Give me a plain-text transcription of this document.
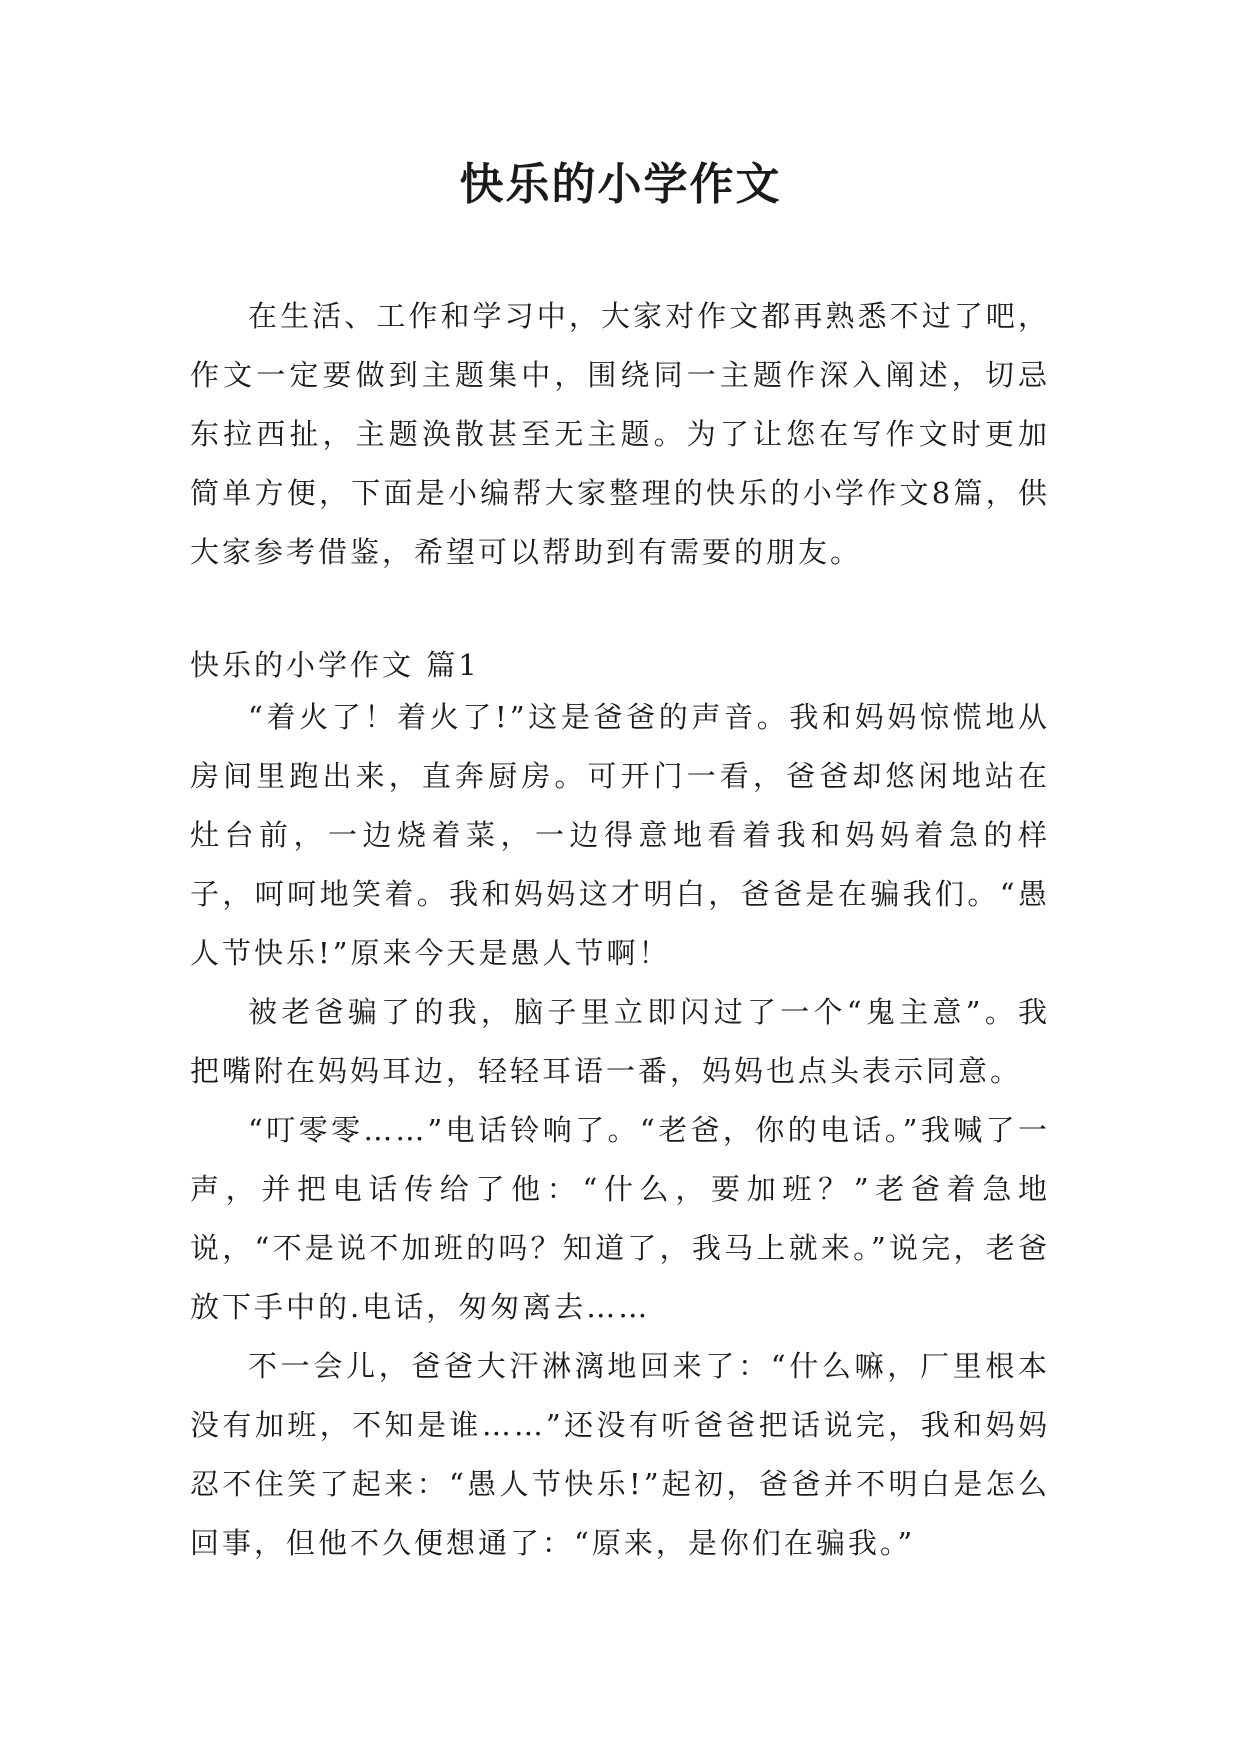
快乐的小学作文

在生活、工作和学习中，大家对作文都再熟悉不过了吧，作文一定要做到主题集中，围绕同一主题作深入阐述，切忌东拉西扯，主题涣散甚至无主题。为了让您在写作文时更加简单方便，下面是小编帮大家整理的快乐的小学作文8篇，供大家参考借鉴，希望可以帮助到有需要的朋友。

快乐的小学作文 篇1

“着火了！着火了!”这是爸爸的声音。我和妈妈惊慌地从房间里跑出来，直奔厨房。可开门一看，爸爸却悠闲地站在灶台前，一边烧着菜，一边得意地看着我和妈妈着急的样子，呵呵地笑着。我和妈妈这才明白，爸爸是在骗我们。“愚人节快乐!”原来今天是愚人节啊！

被老爸骗了的我，脑子里立即闪过了一个“鬼主意”。我把嘴附在妈妈耳边，轻轻耳语一番，妈妈也点头表示同意。

“叮零零……”电话铃响了。“老爸，你的电话。”我喊了一声，并把电话传给了他：“什么，要加班？”老爸着急地说，“不是说不加班的吗？知道了，我马上就来。”说完，老爸放下手中的.电话，匆匆离去……

不一会儿，爸爸大汗淋漓地回来了：“什么嘛，厂里根本没有加班，不知是谁……”还没有听爸爸把话说完，我和妈妈忍不住笑了起来：“愚人节快乐!”起初，爸爸并不明白是怎么回事，但他不久便想通了：“原来，是你们在骗我。”
